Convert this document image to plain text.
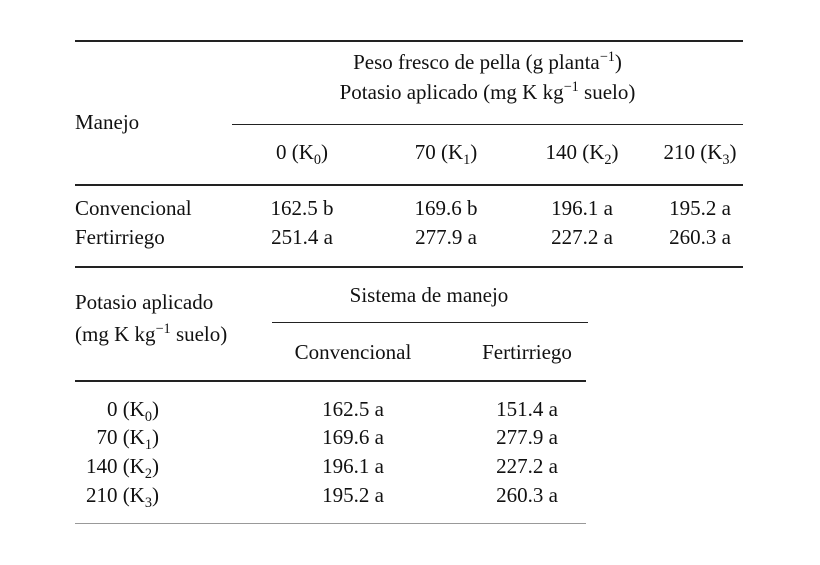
Peso fresco de pella (g planta$^{-1}$)
Potasio aplicado (mg K $kg^{-1}$ suelo)
Manejo
0 $(K_0)$	70 $(K_1)$	140 $(K_2)$	210 $(K_3)$
Convencional	162.5 b	169.6 b	196.1 a	195.2 a
Fertirriego	251.4 a	277.9 a	227.2 a	260.3 a
Potasio aplicado
(mg K $kg^{-1}$ suelo)
Sistema de manejo
Convencional	Fertirriego
0 $(K_0)$	162.5 a	151.4 a
70 $(K_1)$	169.6 a	277.9 a
140 $(K_2)$	196.1 a	227.2 a
210 $(K_3)$	195.2 a	260.3 a
